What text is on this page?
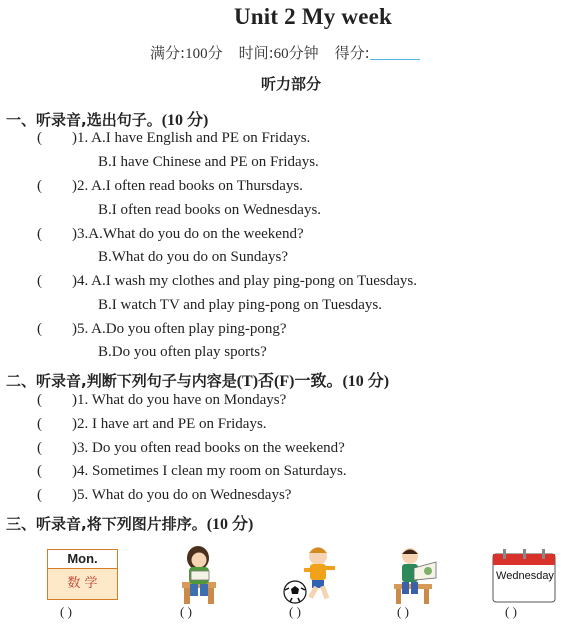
Unit 2 My week
满分:100分 时间:60分钟 得分:
听力部分
一、听录音,选出句子。(10 分)
( )1. A.I have English and PE on Fridays.
B.I have Chinese and PE on Fridays.
( )2. A.I often read books on Thursdays.
B.I often read books on Wednesdays.
( )3.A.What do you do on the weekend?
B.What do you do on Sundays?
( )4. A.I wash my clothes and play ping-pong on Tuesdays.
B.I watch TV and play ping-pong on Tuesdays.
( )5. A.Do you often play ping-pong?
B.Do you often play sports?
二、听录音,判断下列句子与内容是(T)否(F)一致。(10 分)
( )1. What do you have on Mondays?
( )2. I have art and PE on Fridays.
( )3. Do you often read books on the weekend?
( )4. Sometimes I clean my room on Saturdays.
( )5. What do you do on Wednesdays?
三、听录音,将下列图片排序。(10 分)
Mon.
数 学	Wednesday
( )	( )	( )	( )	( )
